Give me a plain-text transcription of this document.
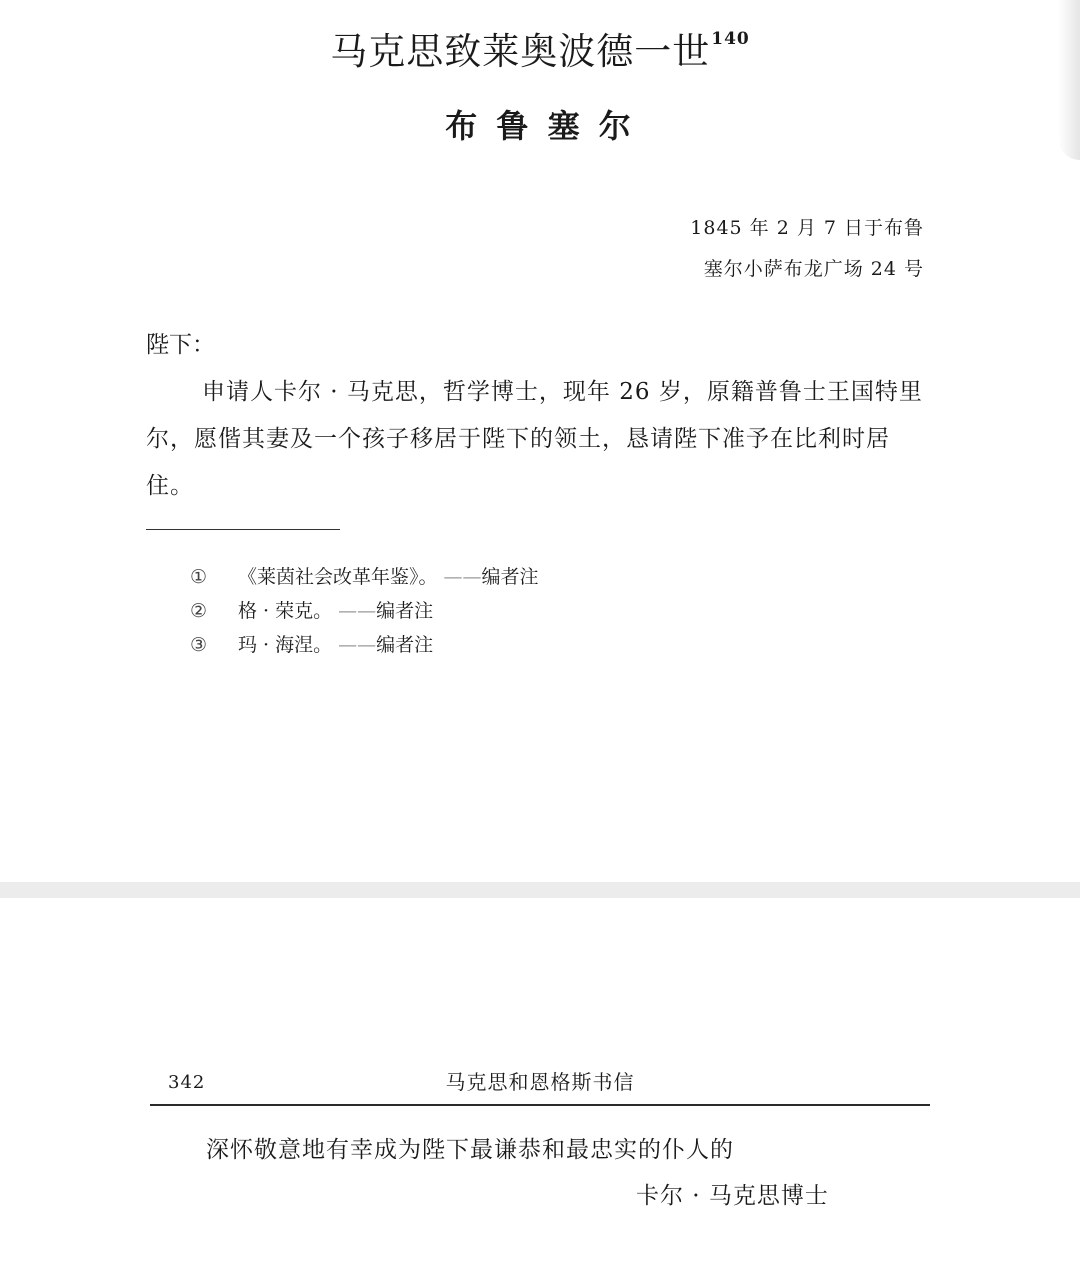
马克思致莱奥波德一世$^{140}$
布 鲁 塞 尔
1845 年 2 月 7 日于布鲁
塞尔小萨布龙广场 24 号
陛下：

申请人卡尔 · 马克思，哲学博士，现年 26 岁，原籍普鲁士王国特里尔，愿偕其妻及一个孩子移居于陛下的领土，恳请陛下准予在比利时居住。

①	《莱茵社会改革年鉴》。	—— 编者注
②	格 · 荣克。	—— 编者注
③	玛 · 海涅。	—— 编者注
342	马克思和恩格斯书信
深怀敬意地有幸成为陛下最谦恭和最忠实的仆人的
卡尔 · 马克思博士
